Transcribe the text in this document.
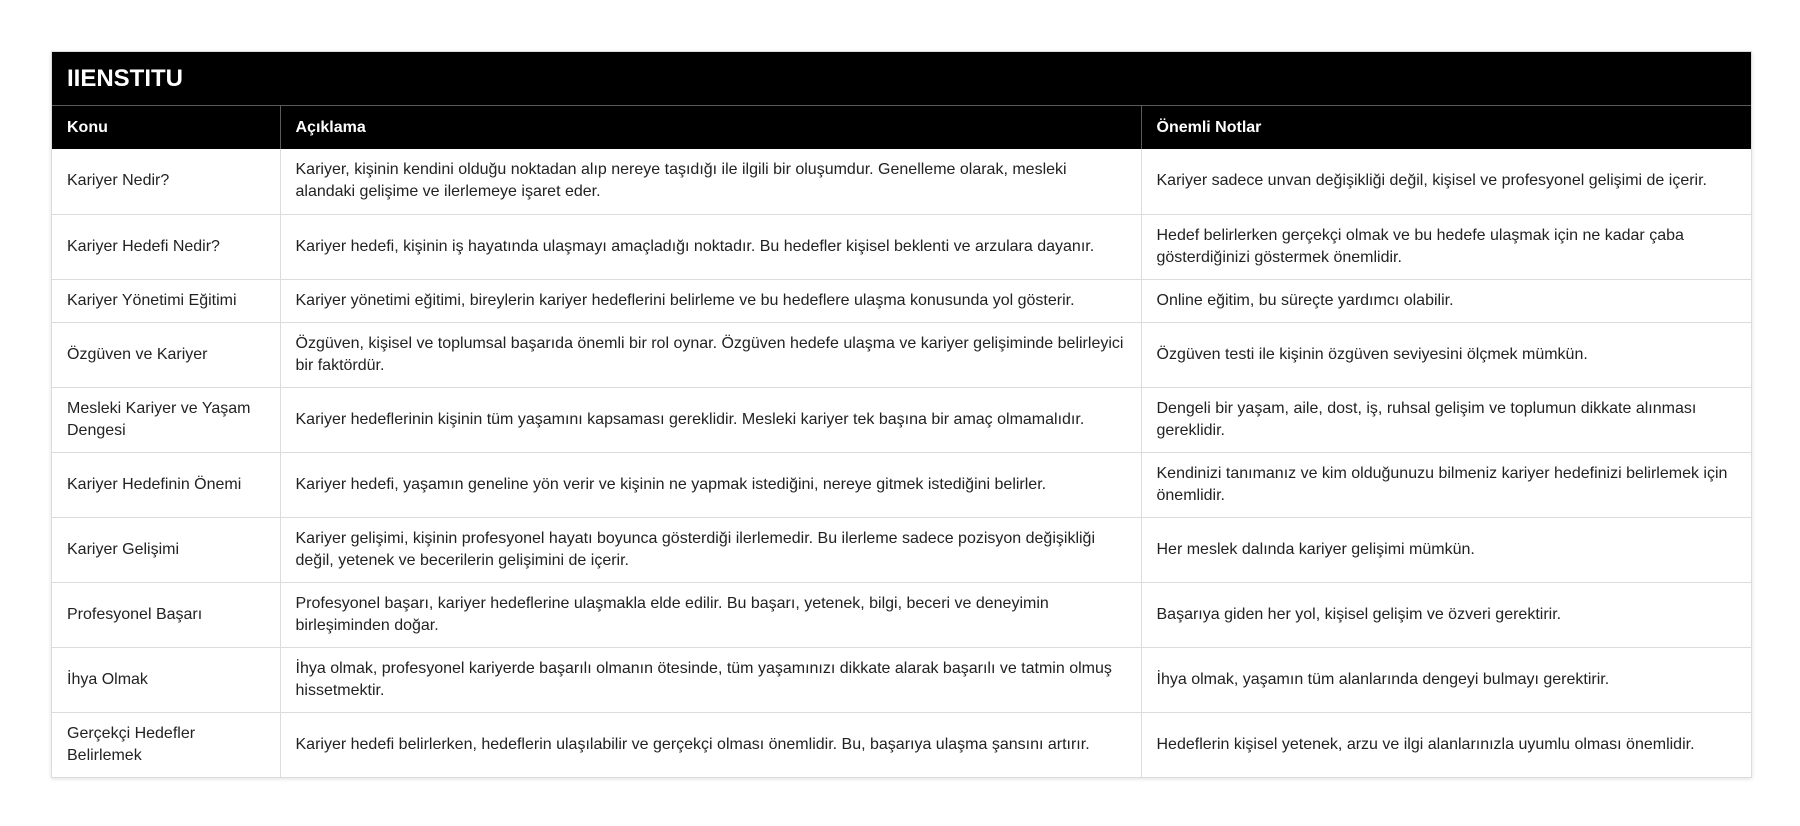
IIENSTITU
Konu	Açıklama	Önemli Notlar
Kariyer Nedir?	Kariyer, kişinin kendini olduğu noktadan alıp nereye taşıdığı ile ilgili bir oluşumdur. Genelleme olarak, mesleki alandaki gelişime ve ilerlemeye işaret eder.	Kariyer sadece unvan değişikliği değil, kişisel ve profesyonel gelişimi de içerir.
Kariyer Hedefi Nedir?	Kariyer hedefi, kişinin iş hayatında ulaşmayı amaçladığı noktadır. Bu hedefler kişisel beklenti ve arzulara dayanır.	Hedef belirlerken gerçekçi olmak ve bu hedefe ulaşmak için ne kadar çaba gösterdiğinizi göstermek önemlidir.
Kariyer Yönetimi Eğitimi	Kariyer yönetimi eğitimi, bireylerin kariyer hedeflerini belirleme ve bu hedeflere ulaşma konusunda yol gösterir.	Online eğitim, bu süreçte yardımcı olabilir.
Özgüven ve Kariyer	Özgüven, kişisel ve toplumsal başarıda önemli bir rol oynar. Özgüven hedefe ulaşma ve kariyer gelişiminde belirleyici bir faktördür.	Özgüven testi ile kişinin özgüven seviyesini ölçmek mümkün.
Mesleki Kariyer ve Yaşam Dengesi	Kariyer hedeflerinin kişinin tüm yaşamını kapsaması gereklidir. Mesleki kariyer tek başına bir amaç olmamalıdır.	Dengeli bir yaşam, aile, dost, iş, ruhsal gelişim ve toplumun dikkate alınması gereklidir.
Kariyer Hedefinin Önemi	Kariyer hedefi, yaşamın geneline yön verir ve kişinin ne yapmak istediğini, nereye gitmek istediğini belirler.	Kendinizi tanımanız ve kim olduğunuzu bilmeniz kariyer hedefinizi belirlemek için önemlidir.
Kariyer Gelişimi	Kariyer gelişimi, kişinin profesyonel hayatı boyunca gösterdiği ilerlemedir. Bu ilerleme sadece pozisyon değişikliği değil, yetenek ve becerilerin gelişimini de içerir.	Her meslek dalında kariyer gelişimi mümkün.
Profesyonel Başarı	Profesyonel başarı, kariyer hedeflerine ulaşmakla elde edilir. Bu başarı, yetenek, bilgi, beceri ve deneyimin birleşiminden doğar.	Başarıya giden her yol, kişisel gelişim ve özveri gerektirir.
İhya Olmak	İhya olmak, profesyonel kariyerde başarılı olmanın ötesinde, tüm yaşamınızı dikkate alarak başarılı ve tatmin olmuş hissetmektir.	İhya olmak, yaşamın tüm alanlarında dengeyi bulmayı gerektirir.
Gerçekçi Hedefler Belirlemek	Kariyer hedefi belirlerken, hedeflerin ulaşılabilir ve gerçekçi olması önemlidir. Bu, başarıya ulaşma şansını artırır.	Hedeflerin kişisel yetenek, arzu ve ilgi alanlarınızla uyumlu olması önemlidir.
